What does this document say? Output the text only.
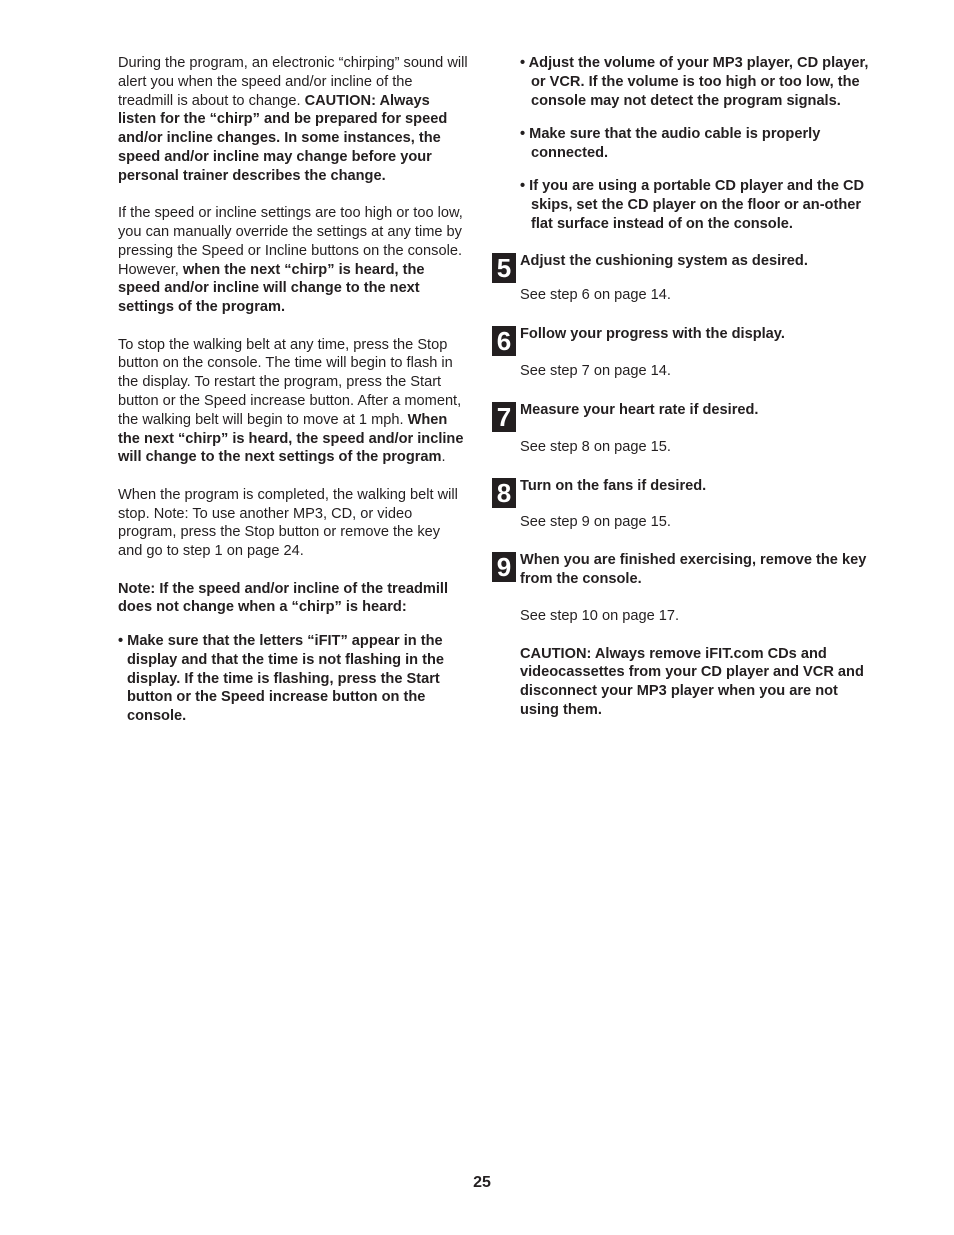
During the program, an electronic “chirping” sound will alert you when the speed and/or incline of the treadmill is about to change. CAUTION: Always listen for the “chirp” and be prepared for speed and/or incline changes. In some instances, the speed and/or incline may change before your personal trainer describes the change.

If the speed or incline settings are too high or too low, you can manually override the settings at any time by pressing the Speed or Incline buttons on the console. However, when the next “chirp” is heard, the speed and/or incline will change to the next settings of the program.

To stop the walking belt at any time, press the Stop button on the console. The time will begin to flash in the display. To restart the program, press the Start button or the Speed increase button. After a moment, the walking belt will begin to move at 1 mph. When the next “chirp” is heard, the speed and/or incline will change to the next settings of the program.

When the program is completed, the walking belt will stop. Note: To use another MP3, CD, or video program, press the Stop button or remove the key and go to step 1 on page 24.

Note: If the speed and/or incline of the treadmill does not change when a “chirp” is heard:

• Make sure that the letters “iFIT” appear in the display and that the time is not flashing in the display. If the time is flashing, press the Start button or the Speed increase button on the console.

• Adjust the volume of your MP3 player, CD player, or VCR. If the volume is too high or too low, the console may not detect the program signals.

• Make sure that the audio cable is properly connected.

• If you are using a portable CD player and the CD skips, set the CD player on the floor or an-other flat surface instead of on the console.

5 Adjust the cushioning system as desired.

See step 6 on page 14.

6 Follow your progress with the display.

See step 7 on page 14.

7 Measure your heart rate if desired.

See step 8 on page 15.

8 Turn on the fans if desired.

See step 9 on page 15.

9 When you are finished exercising, remove the key from the console.

See step 10 on page 17.

CAUTION: Always remove iFIT.com CDs and videocassettes from your CD player and VCR and disconnect your MP3 player when you are not using them.

25
